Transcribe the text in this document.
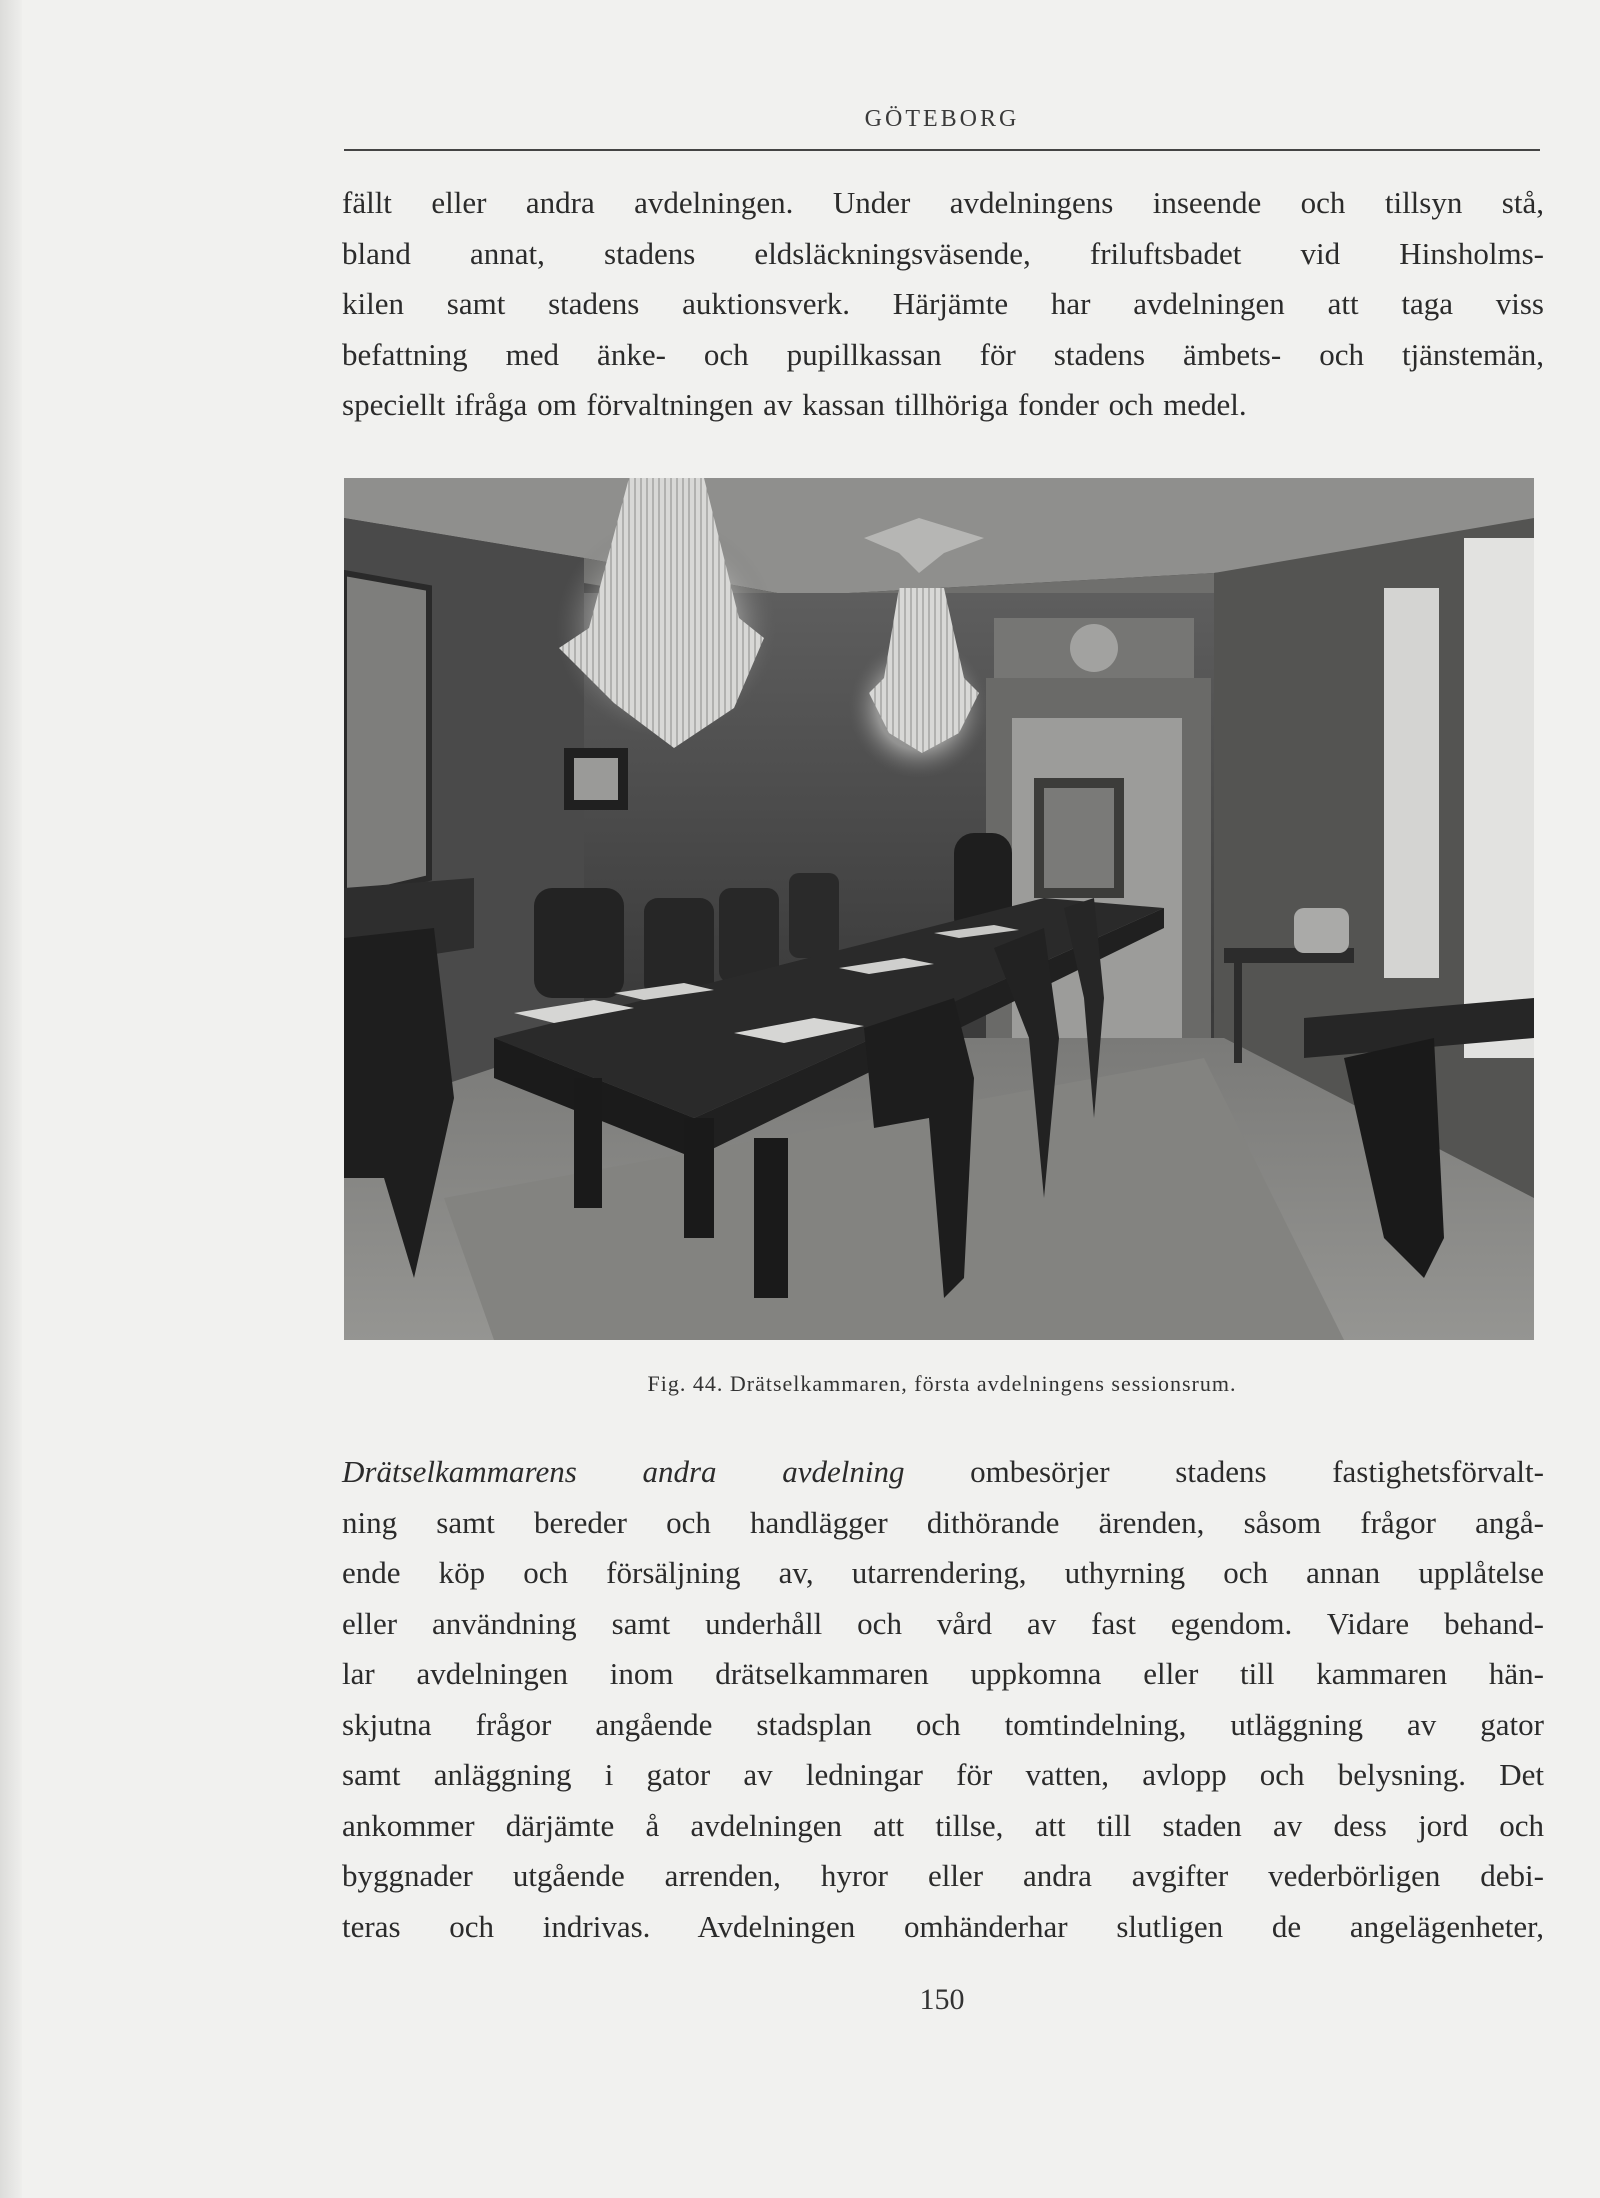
GÖTEBORG
fällt eller andra avdelningen. Under avdelningens inseende och tillsyn stå,
bland annat, stadens eldsläckningsväsende, friluftsbadet vid Hinsholms-
kilen samt stadens auktionsverk. Härjämte har avdelningen att taga viss
befattning med änke- och pupillkassan för stadens ämbets- och tjänstemän,
speciellt ifråga om förvaltningen av kassan tillhöriga fonder och medel.
Fig. 44. Drätselkammaren, första avdelningens sessionsrum.
Drätselkammarens andra avdelning ombesörjer stadens fastighetsförvalt-
ning samt bereder och handlägger dithörande ärenden, såsom frågor angå-
ende köp och försäljning av, utarrendering, uthyrning och annan upplåtelse
eller användning samt underhåll och vård av fast egendom. Vidare behand-
lar avdelningen inom drätselkammaren uppkomna eller till kammaren hän-
skjutna frågor angående stadsplan och tomtindelning, utläggning av gator
samt anläggning i gator av ledningar för vatten, avlopp och belysning. Det
ankommer därjämte å avdelningen att tillse, att till staden av dess jord och
byggnader utgående arrenden, hyror eller andra avgifter vederbörligen debi-
teras och indrivas. Avdelningen omhänderhar slutligen de angelägenheter,
150
